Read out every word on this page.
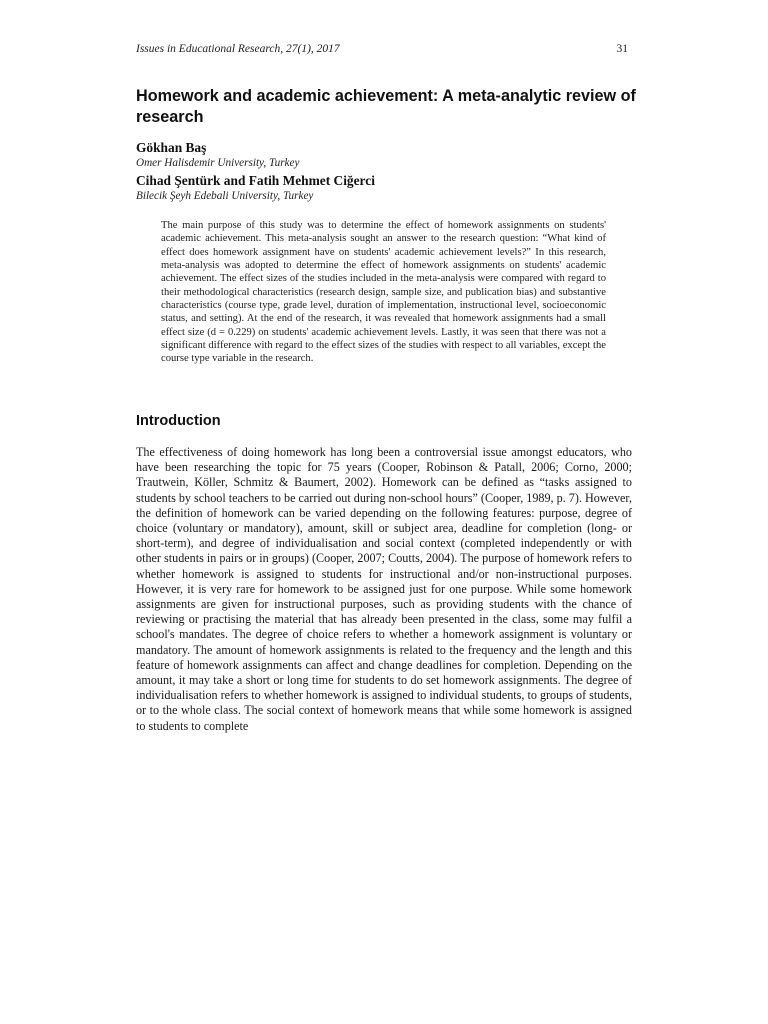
Issues in Educational Research, 27(1), 2017	31
Homework and academic achievement: A meta-analytic review of research
Gökhan Baş
Omer Halisdemir University, Turkey
Cihad Şentürk and Fatih Mehmet Ciğerci
Bilecik Şeyh Edebali University, Turkey

The main purpose of this study was to determine the effect of homework assignments on students' academic achievement. This meta-analysis sought an answer to the research question: “What kind of effect does homework assignment have on students' academic achievement levels?” In this research, meta-analysis was adopted to determine the effect of homework assignments on students' academic achievement. The effect sizes of the studies included in the meta-analysis were compared with regard to their methodological characteristics (research design, sample size, and publication bias) and substantive characteristics (course type, grade level, duration of implementation, instructional level, socioeconomic status, and setting). At the end of the research, it was revealed that homework assignments had a small effect size (d = 0.229) on students' academic achievement levels. Lastly, it was seen that there was not a significant difference with regard to the effect sizes of the studies with respect to all variables, except the course type variable in the research.

Introduction

The effectiveness of doing homework has long been a controversial issue amongst educators, who have been researching the topic for 75 years (Cooper, Robinson & Patall, 2006; Corno, 2000; Trautwein, Köller, Schmitz & Baumert, 2002). Homework can be defined as “tasks assigned to students by school teachers to be carried out during non-school hours” (Cooper, 1989, p. 7). However, the definition of homework can be varied depending on the following features: purpose, degree of choice (voluntary or mandatory), amount, skill or subject area, deadline for completion (long- or short-term), and degree of individualisation and social context (completed independently or with other students in pairs or in groups) (Cooper, 2007; Coutts, 2004). The purpose of homework refers to whether homework is assigned to students for instructional and/or non-instructional purposes. However, it is very rare for homework to be assigned just for one purpose. While some homework assignments are given for instructional purposes, such as providing students with the chance of reviewing or practising the material that has already been presented in the class, some may fulfil a school's mandates. The degree of choice refers to whether a homework assignment is voluntary or mandatory. The amount of homework assignments is related to the frequency and the length and this feature of homework assignments can affect and change deadlines for completion. Depending on the amount, it may take a short or long time for students to do set homework assignments. The degree of individualisation refers to whether homework is assigned to individual students, to groups of students, or to the whole class. The social context of homework means that while some homework is assigned to students to complete
